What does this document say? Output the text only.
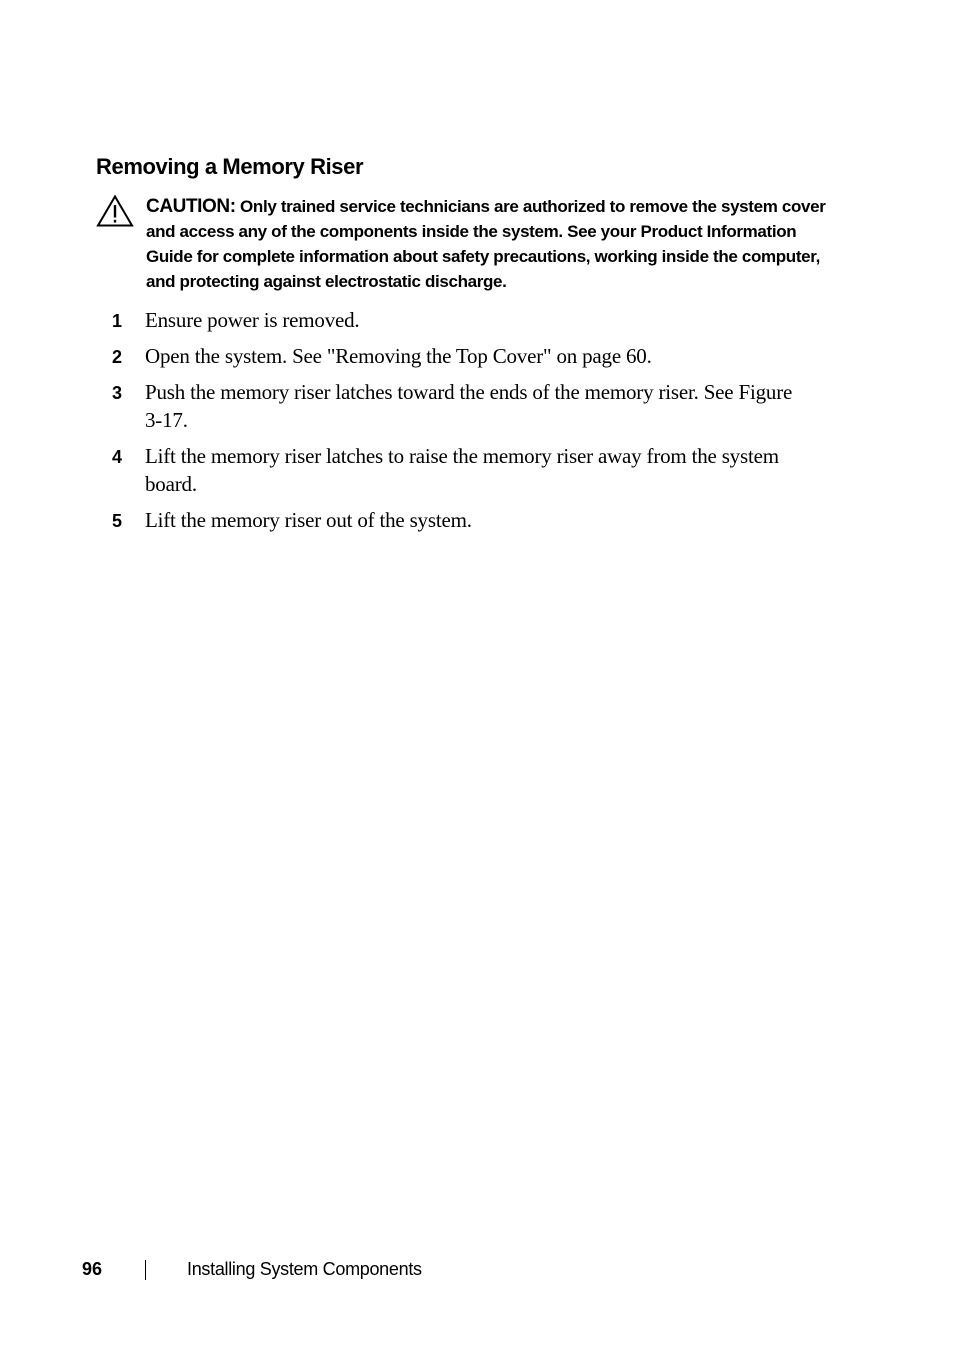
Removing a Memory Riser
CAUTION: Only trained service technicians are authorized to remove the system cover and access any of the components inside the system. See your Product Information Guide for complete information about safety precautions, working inside the computer, and protecting against electrostatic discharge.
1 Ensure power is removed.
2 Open the system. See "Removing the Top Cover" on page 60.
3 Push the memory riser latches toward the ends of the memory riser. See Figure 3-17.
4 Lift the memory riser latches to raise the memory riser away from the system board.
5 Lift the memory riser out of the system.
96	Installing System Components
